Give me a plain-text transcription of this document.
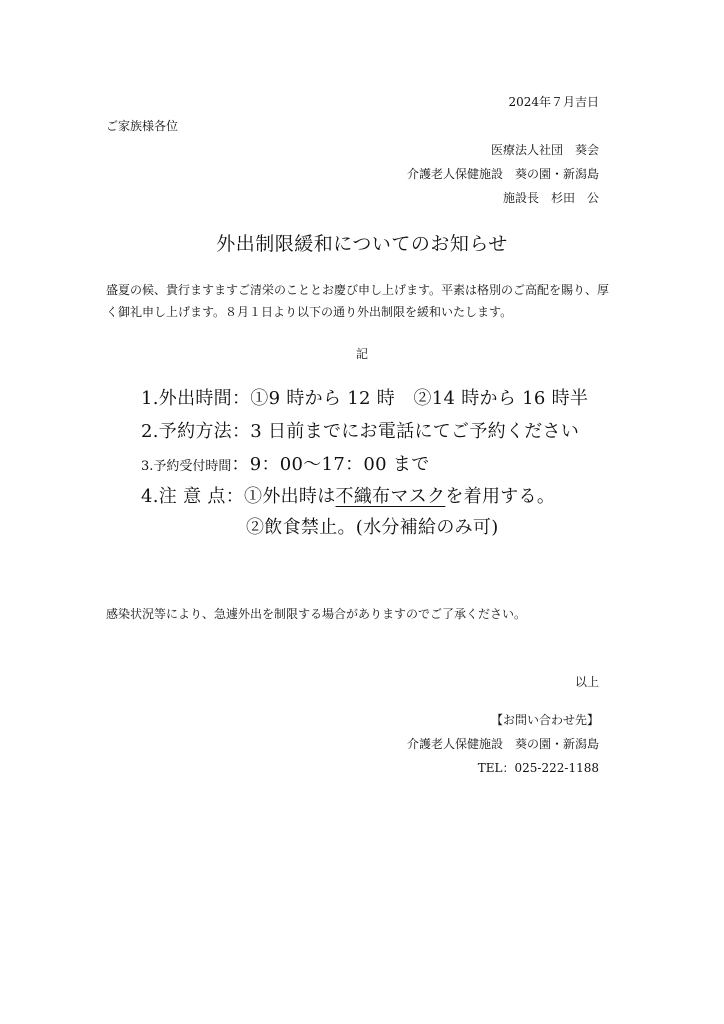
2024年７月吉日
ご家族様各位
医療法人社団　葵会
介護老人保健施設　葵の園・新潟島
施設長　杉田　公
外出制限緩和についてのお知らせ
盛夏の候、貴行ますますご清栄のこととお慶び申し上げます。平素は格別のご高配を賜り、厚く御礼申し上げます。８月１日より以下の通り外出制限を緩和いたします。
記
1.外出時間：①9 時から 12 時　②14 時から 16 時半
2.予約方法：3 日前までにお電話にてご予約ください
3.予約受付時間：9：00～17：00 まで
4.注 意 点：①外出時は不織布マスクを着用する。
②飲食禁止。(水分補給のみ可)
感染状況等により、急遽外出を制限する場合がありますのでご了承ください。
以上
【お問い合わせ先】
介護老人保健施設　葵の園・新潟島
TEL：025-222-1188
